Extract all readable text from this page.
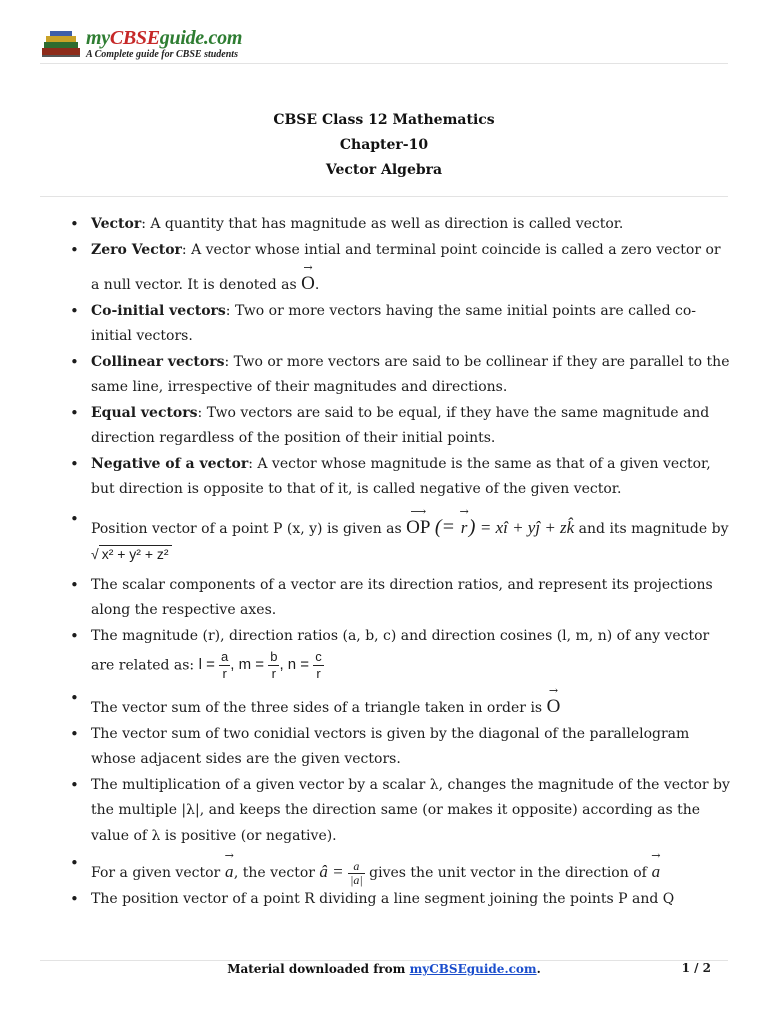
myCBSEguide.com
A Complete guide for CBSE students
CBSE Class 12 Mathematics
Chapter-10
Vector Algebra
• Vector: A quantity that has magnitude as well as direction is called vector.
• Zero Vector: A vector whose intial and terminal point coincide is called a zero vector or a null vector. It is denoted as
→
O.
• Co-initial vectors: Two or more vectors having the same initial points are called co-initial vectors.
• Collinear vectors: Two or more vectors are said to be collinear if they are parallel to the same line, irrespective of their magnitudes and directions.
• Equal vectors: Two vectors are said to be equal, if they have the same magnitude and direction regardless of the position of their initial points.
• Negative of a vector: A vector whose magnitude is the same as that of a given vector, but direction is opposite to that of it, is called negative of the given vector.
• Position vector of a point P (x, y) is given as
⟶
OP (=
→
r) = xî + yĵ + zk̂ and its magnitude by √ x² + y² + z²
• The scalar components of a vector are its direction ratios, and represent its projections along the respective axes.
• The magnitude (r), direction ratios (a, b, c) and direction cosines (l, m, n) of any vector are related as: $l = \frac{a}{r}$ , $m = \frac{b}{r}$ , $n = \frac{c}{r}$
• The vector sum of the three sides of a triangle taken in order is
→
O
• The vector sum of two conidial vectors is given by the diagonal of the parallelogram whose adjacent sides are the given vectors.
• The multiplication of a given vector by a scalar λ, changes the magnitude of the vector by the multiple |λ|, and keeps the direction same (or makes it opposite) according as the value of λ is positive (or negative).
• For a given vector
→
a, the vector â = $\frac{a}{|a|}$ gives the unit vector in the direction of
→
a
• The position vector of a point R dividing a line segment joining the points P and Q
Material downloaded from myCBSEguide.com.	1 / 2
